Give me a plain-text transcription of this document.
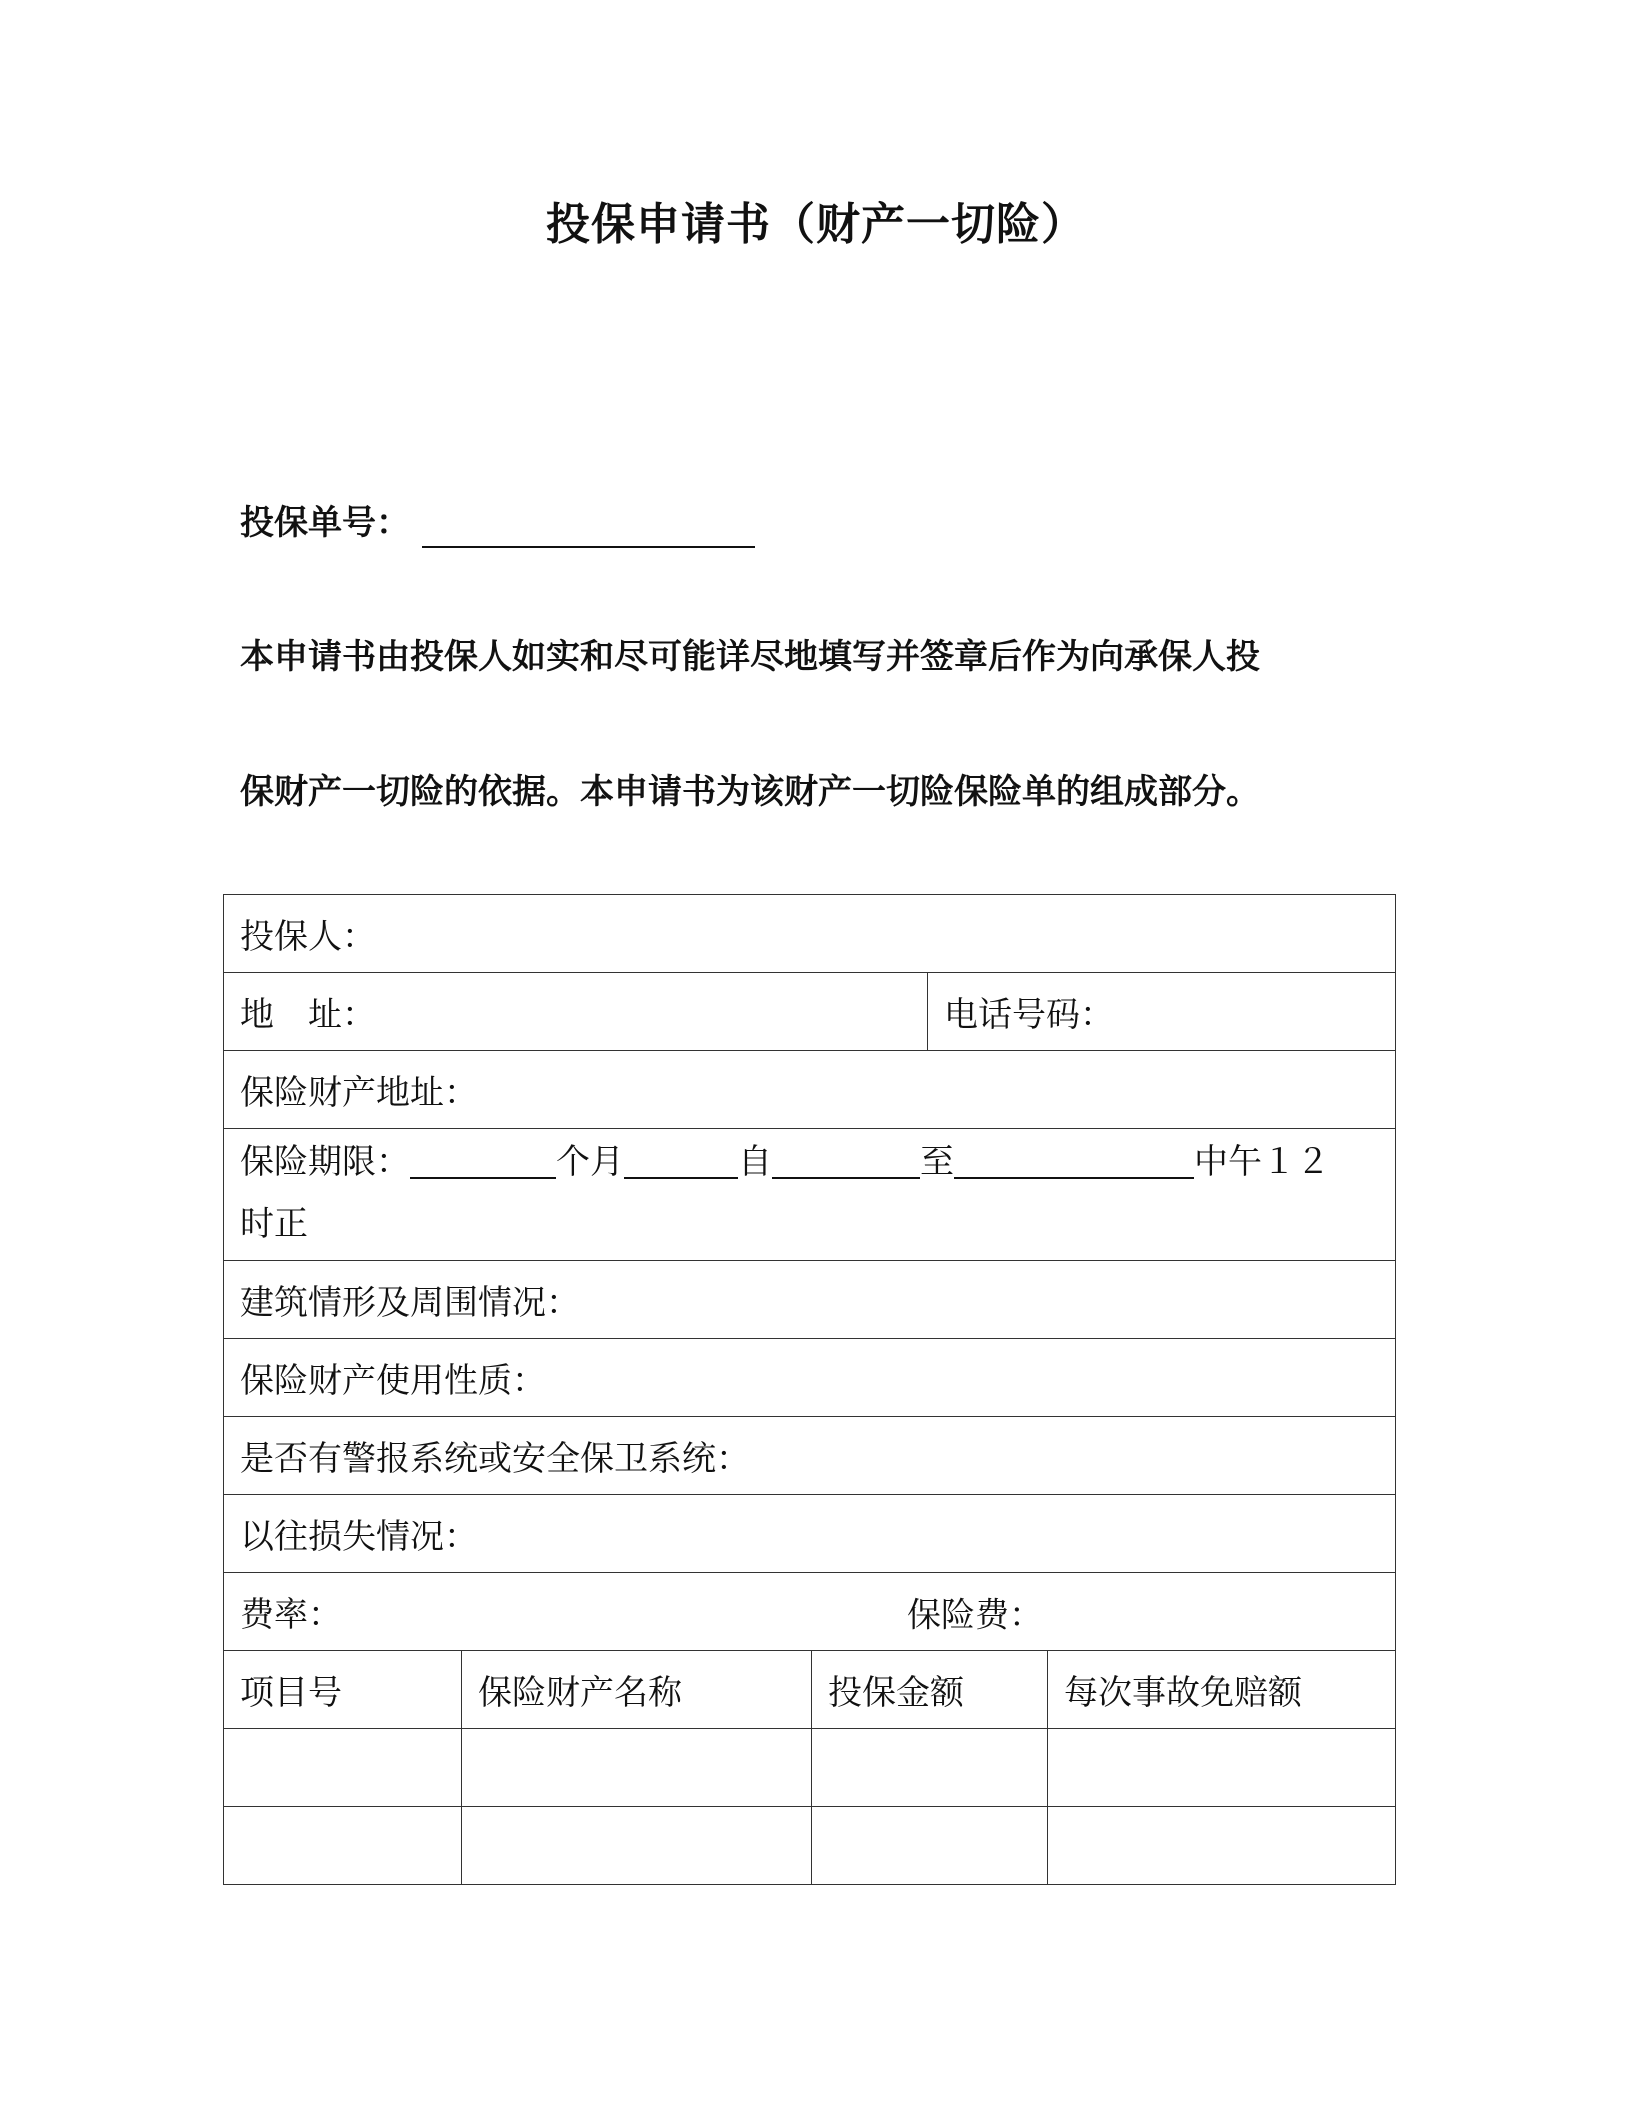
投保申请书（财产一切险）
投保单号：
本申请书由投保人如实和尽可能详尽地填写并签章后作为向承保人投
保财产一切险的依据。本申请书为该财产一切险保险单的组成部分。
投保人：				
地　址：			电话号码：	
保险财产地址：				
保险期限： 个月 自 至 中午１２
时正				
建筑情形及周围情况：				
保险财产使用性质：				
是否有警报系统或安全保卫系统：				
以往损失情况：				
费率： 保险费：				

项目号	保险财产名称	投保金额		每次事故免赔额
